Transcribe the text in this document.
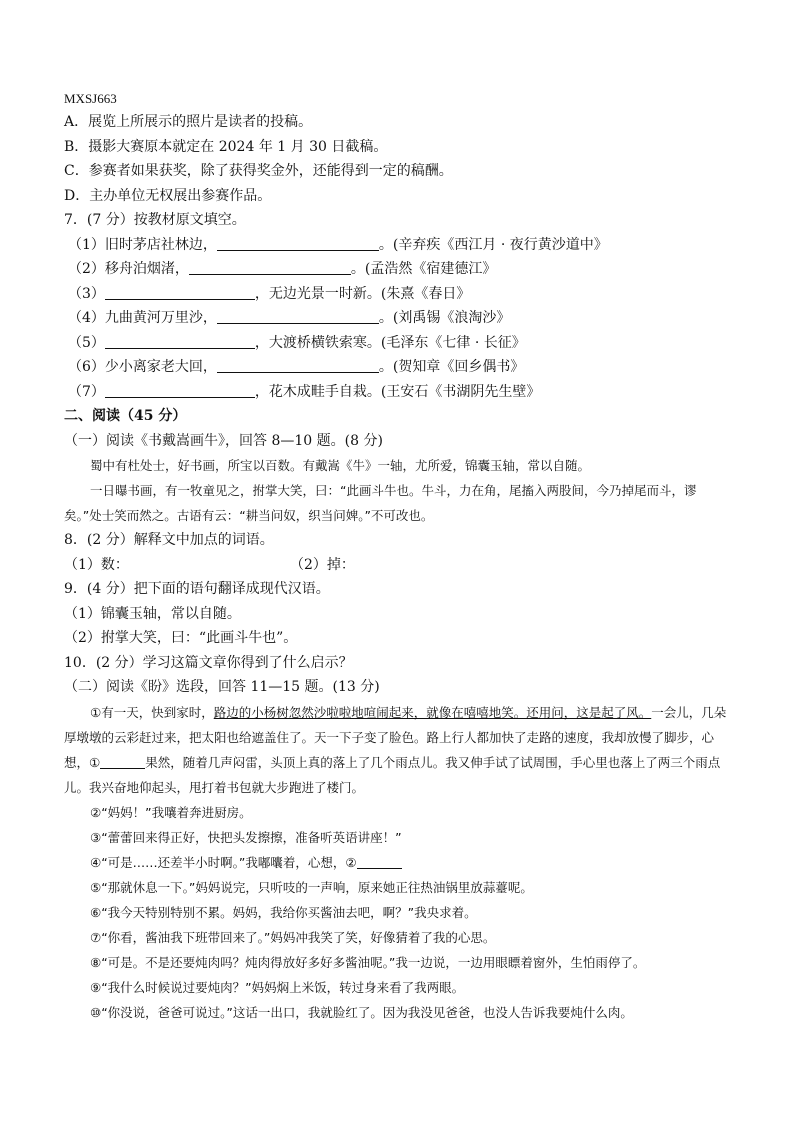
MXSJ663
A．展览上所展示的照片是读者的投稿。
B．摄影大赛原本就定在 2024 年 1 月 30 日截稿。
C．参赛者如果获奖，除了获得奖金外，还能得到一定的稿酬。
D．主办单位无权展出参赛作品。
7．(7 分）按教材原文填空。
（1）旧时茅店社林边，	。(辛弃疾《西江月 · 夜行黄沙道中》
（2）移舟泊烟渚，	。(孟浩然《宿建德江》
（3）	，无边光景一时新。(朱熹《春日》
（4）九曲黄河万里沙，	。(刘禹锡《浪淘沙》
（5）	，大渡桥横铁索寒。(毛泽东《七律 · 长征》
（6）少小离家老大回，	。(贺知章《回乡偶书》
（7）	，花木成畦手自栽。(王安石《书湖阴先生壁》
二、阅读（45 分）
（一）阅读《书戴嵩画牛》，回答 8—10 题。(8 分)
蜀中有杜处士，好书画，所宝以百数。有戴嵩《牛》一轴，尤所爱，锦囊玉轴，常以自随。
一日曝书画，有一牧童见之，拊掌大笑，曰：“此画斗牛也。牛斗，力在角，尾搐入两股间，今乃掉尾而斗，谬矣。”处士笑而然之。古语有云：“耕当问奴，织当问婢。”不可改也。
8．(2 分）解释文中加点的词语。
（1）数：	（2）掉：
9．(4 分）把下面的语句翻译成现代汉语。
（1）锦囊玉轴，常以自随。
（2）拊掌大笑，曰：“此画斗牛也”。
10．(2 分）学习这篇文章你得到了什么启示？
（二）阅读《盼》选段，回答 11—15 题。(13 分)
①有一天，快到家时，路边的小杨树忽然沙啦啦地喧闹起来，就像在嘻嘻地笑。还用问，这是起了风。一会儿，几朵厚墩墩的云彩赶过来，把太阳也给遮盖住了。天一下子变了脸色。路上行人都加快了走路的速度，我却放慢了脚步，心想，①	果然，随着几声闷雷，头顶上真的落上了几个雨点儿。我又伸手试了试周围，手心里也落上了两三个雨点儿。我兴奋地仰起头，甩打着书包就大步跑进了楼门。
②“妈妈！”我嚷着奔进厨房。
③“蕾蕾回来得正好，快把头发擦擦，准备听英语讲座！”
④“可是……还差半小时啊。”我嘟囔着，心想，②
⑤“那就休息一下。”妈妈说完，只听吱的一声响，原来她正往热油锅里放蒜薹呢。
⑥“我今天特别特别不累。妈妈，我给你买酱油去吧，啊？”我央求着。
⑦“你看，酱油我下班带回来了。”妈妈冲我笑了笑，好像猜着了我的心思。
⑧“可是。不是还要炖肉吗？炖肉得放好多好多酱油呢。”我一边说，一边用眼瞟着窗外，生怕雨停了。
⑨“我什么时候说过要炖肉？”妈妈焖上米饭，转过身来看了我两眼。
⑩“你没说，爸爸可说过。”这话一出口，我就脸红了。因为我没见爸爸，也没人告诉我要炖什么肉。
